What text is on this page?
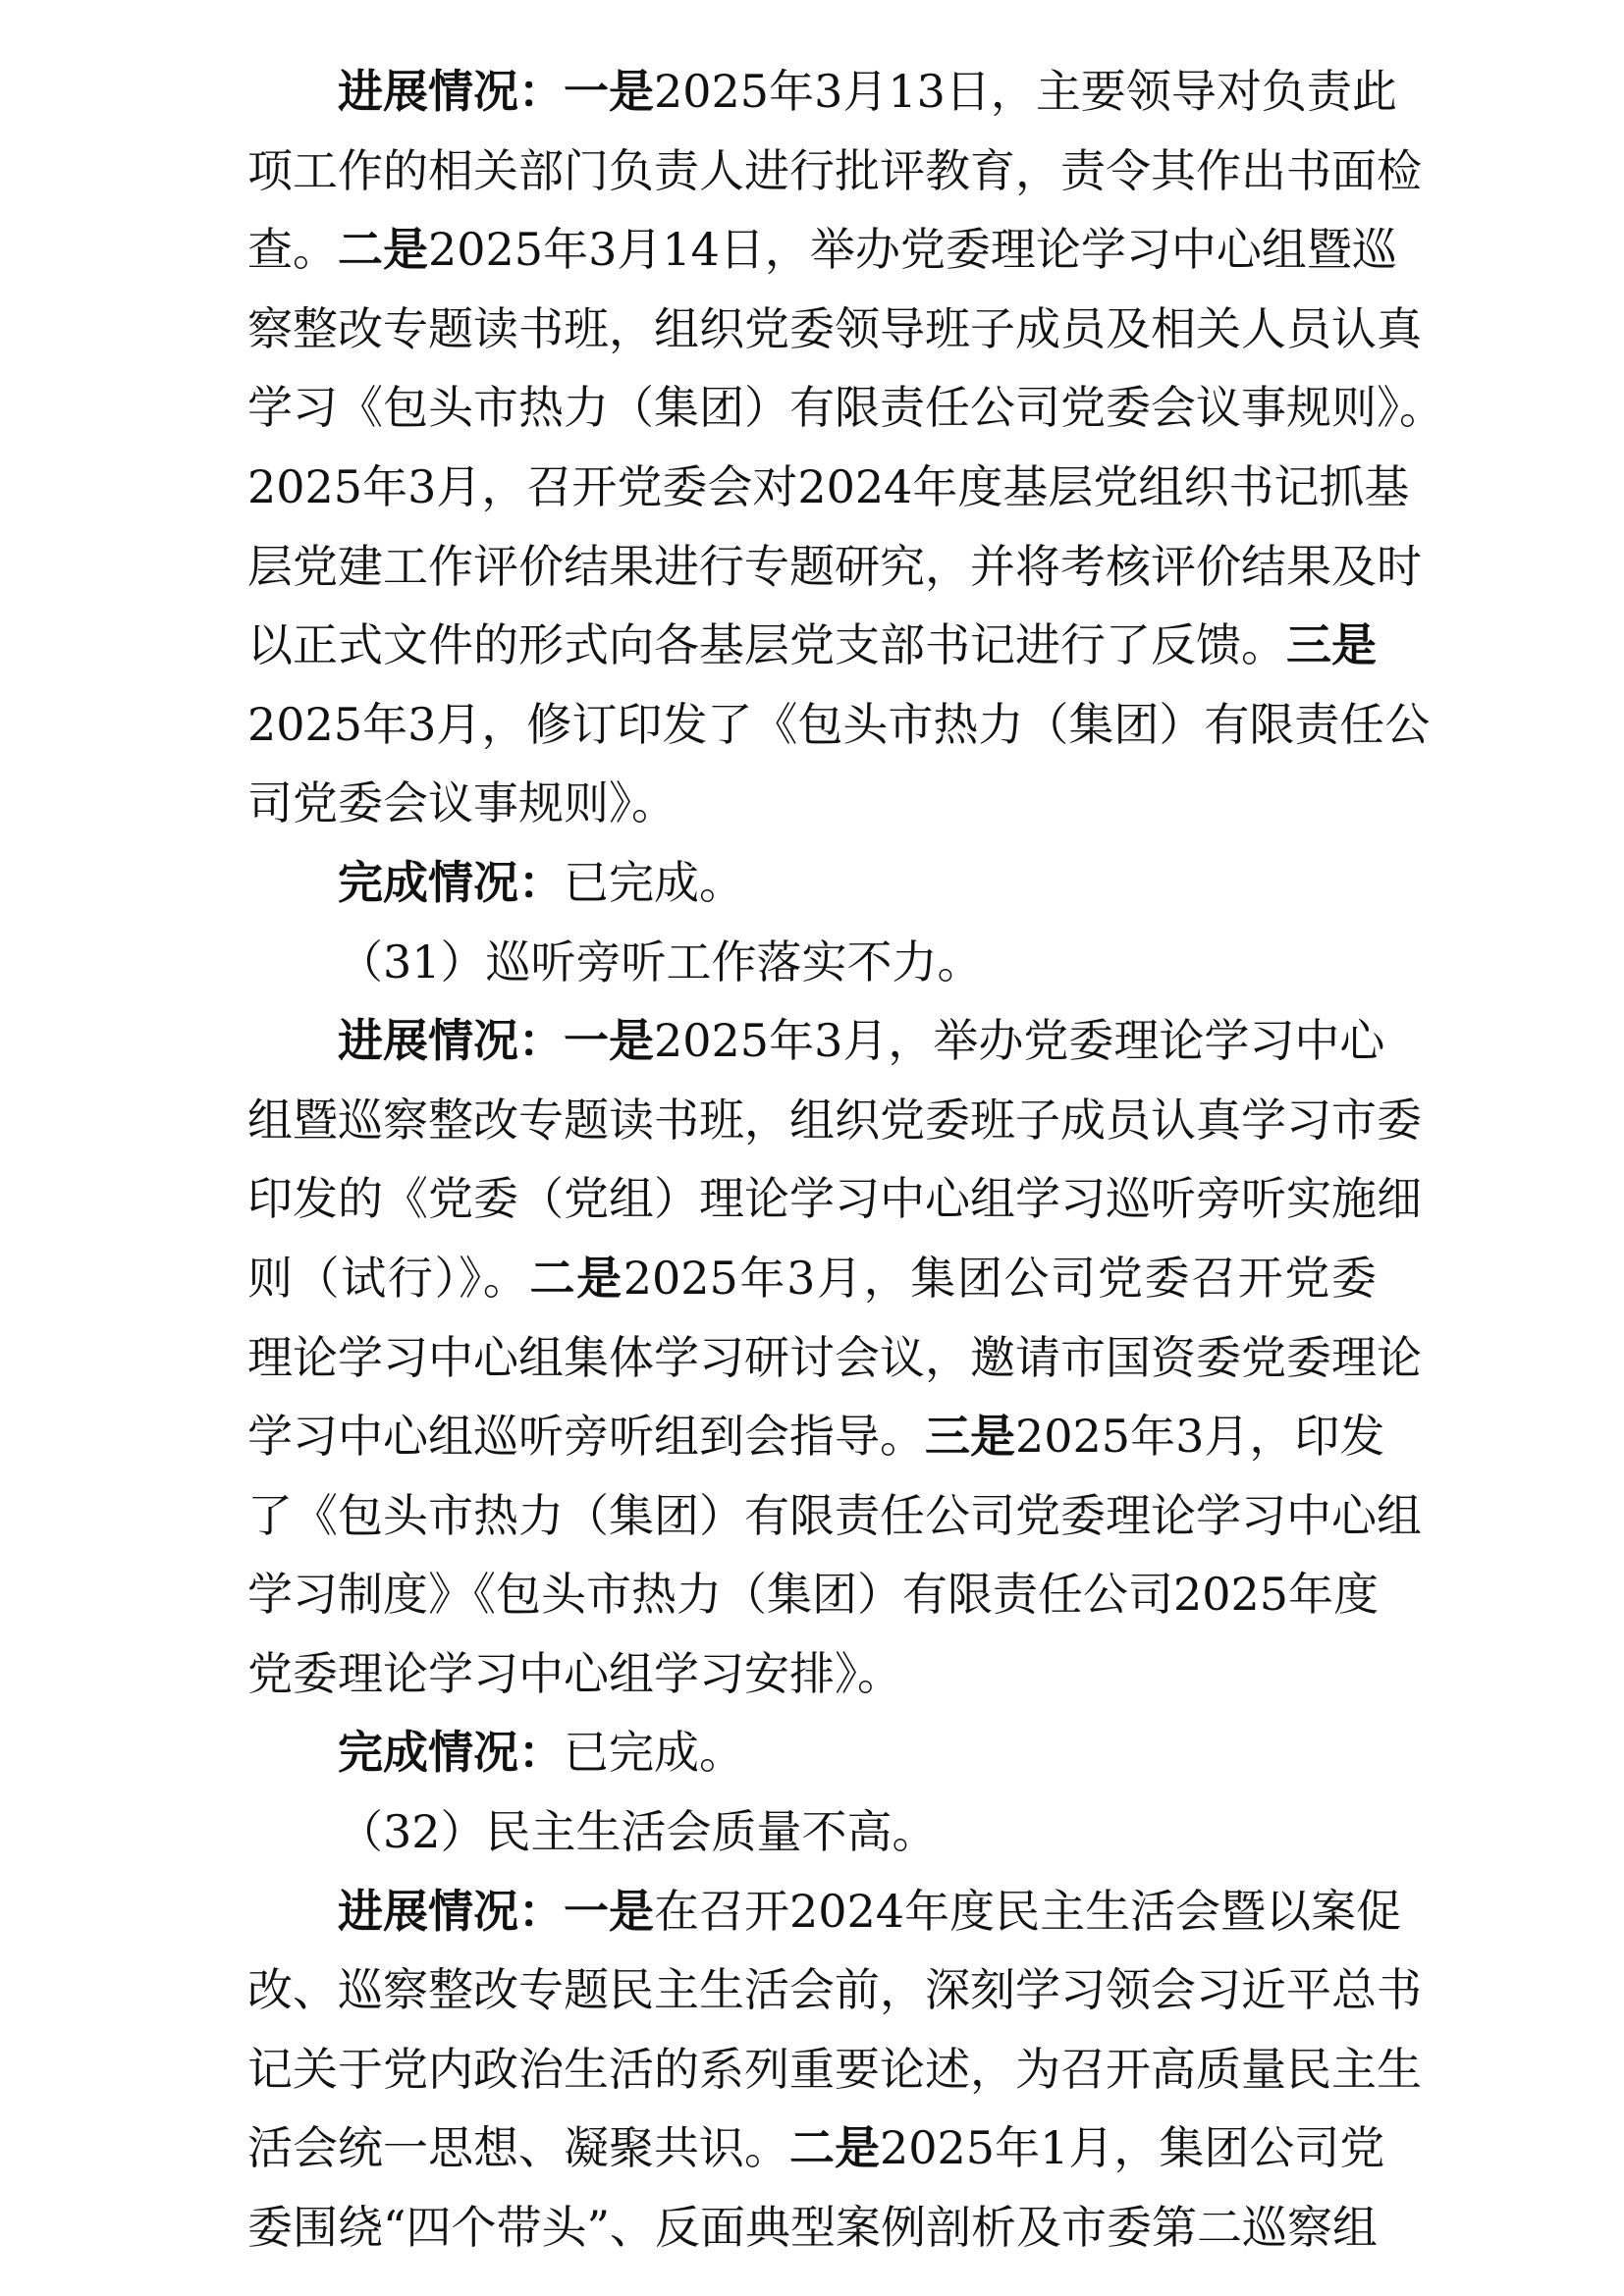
进展情况：一是2025年3月13日，主要领导对负责此
项工作的相关部门负责人进行批评教育，责令其作出书面检
查。二是2025年3月14日，举办党委理论学习中心组暨巡
察整改专题读书班，组织党委领导班子成员及相关人员认真
学习《包头市热力（集团）有限责任公司党委会议事规则》。
2025年3月，召开党委会对2024年度基层党组织书记抓基
层党建工作评价结果进行专题研究，并将考核评价结果及时
以正式文件的形式向各基层党支部书记进行了反馈。三是
2025年3月，修订印发了《包头市热力（集团）有限责任公
司党委会议事规则》。
完成情况：已完成。
（31）巡听旁听工作落实不力。
进展情况：一是2025年3月，举办党委理论学习中心
组暨巡察整改专题读书班，组织党委班子成员认真学习市委
印发的《党委（党组）理论学习中心组学习巡听旁听实施细
则（试行）》。二是2025年3月，集团公司党委召开党委
理论学习中心组集体学习研讨会议，邀请市国资委党委理论
学习中心组巡听旁听组到会指导。三是2025年3月，印发
了《包头市热力（集团）有限责任公司党委理论学习中心组
学习制度》《包头市热力（集团）有限责任公司2025年度
党委理论学习中心组学习安排》。
完成情况：已完成。
（32）民主生活会质量不高。
进展情况：一是在召开2024年度民主生活会暨以案促
改、巡察整改专题民主生活会前，深刻学习领会习近平总书
记关于党内政治生活的系列重要论述，为召开高质量民主生
活会统一思想、凝聚共识。二是2025年1月，集团公司党
委围绕“四个带头”、反面典型案例剖析及市委第二巡察组
